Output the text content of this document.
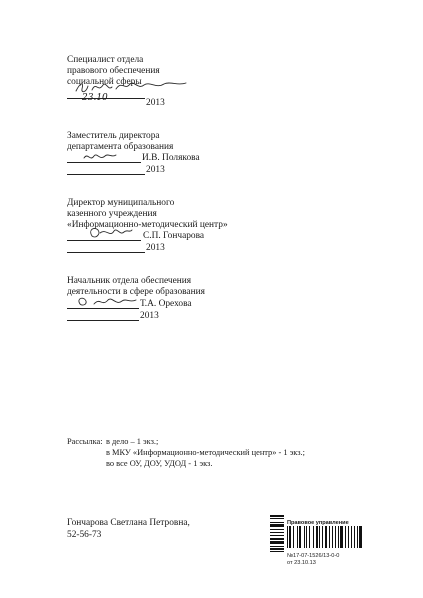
Специалист отдела
правового обеспечения
социальной сферы
23.10	2013
Заместитель директора
департамента образования
И.В. Полякова
2013
Директор муниципального
казенного учреждения
«Информационно-методический центр»
С.П. Гончарова
2013
Начальник отдела обеспечения
деятельности в сфере образования
Т.А. Орехова
2013
Рассылка: в дело – 1 экз.;
в МКУ «Информационно-методический центр» - 1 экз.;
во все ОУ, ДОУ, УДОД - 1 экз.
Гончарова Светлана Петровна,
52-56-73
Правовое управление
№17-07-1526/13-0-0
от 23.10.13
